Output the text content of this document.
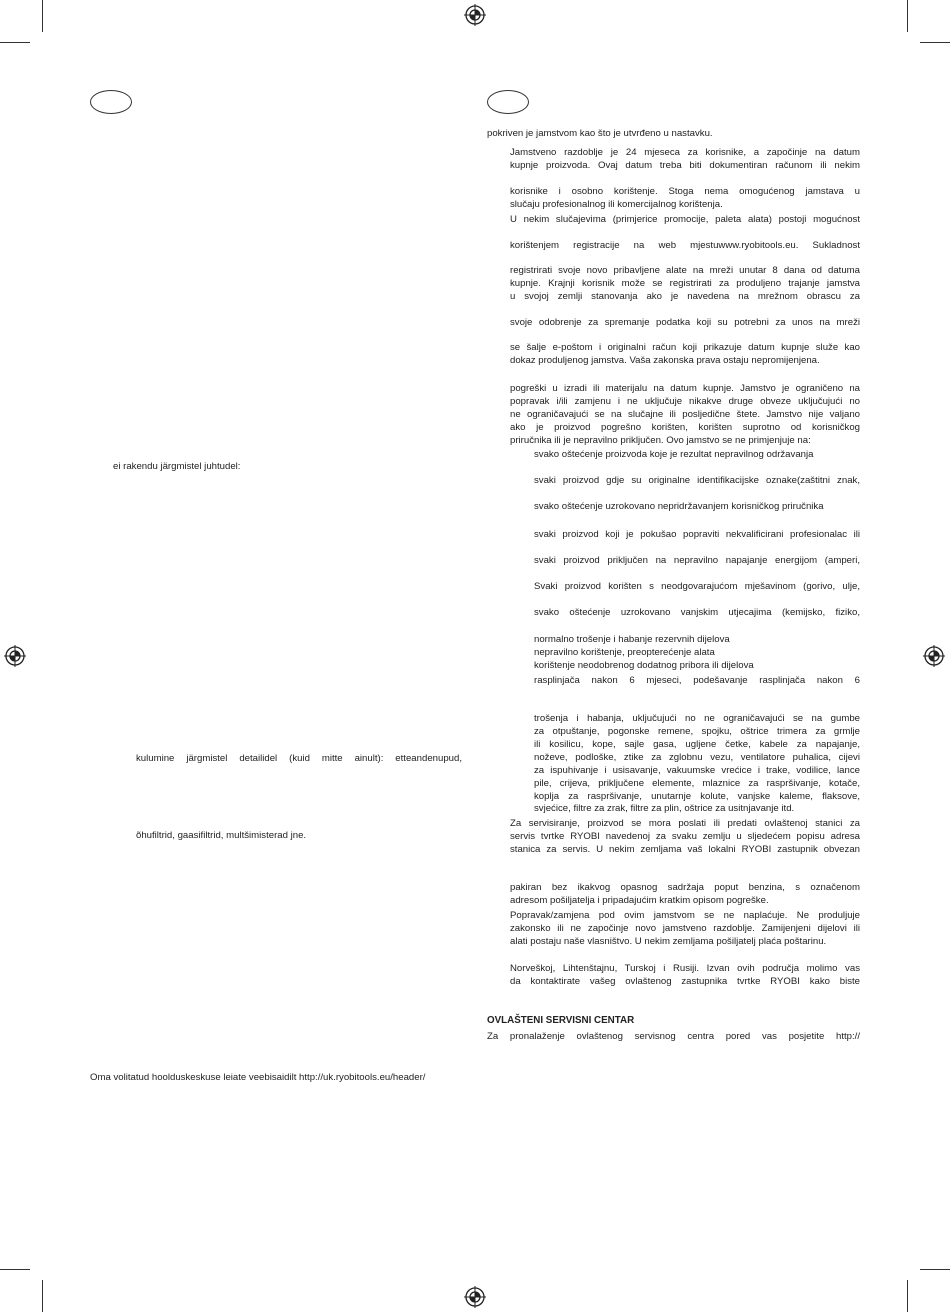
ei rakendu järgmistel juhtudel:
kulumine järgmistel detailidel (kuid mitte ainult): etteandenupud,
õhufiltrid, gaasifiltrid, multšimisterad jne.
Oma volitatud hoolduskeskuse leiate veebisaidilt http://uk.ryobitools.eu/header/
pokriven je jamstvom kao što je utvrđeno u nastavku.
Jamstveno razdoblje je 24 mjeseca za korisnike, a započinje na datum
kupnje proizvoda. Ovaj datum treba biti dokumentiran računom ili nekim
korisnike i osobno korištenje. Stoga nema omogućenog jamstava u
slučaju profesionalnog ili komercijalnog korištenja.
U nekim slučajevima (primjerice promocije, paleta alata) postoji mogućnost
korištenjem registracije na web mjestuwww.ryobitools.eu. Sukladnost
registrirati svoje novo pribavljene alate na mreži unutar 8 dana od datuma
kupnje. Krajnji korisnik može se registrirati za produljeno trajanje jamstva
u svojoj zemlji stanovanja ako je navedena na mrežnom obrascu za
svoje odobrenje za spremanje podatka koji su potrebni za unos na mreži
se šalje e-poštom i originalni račun koji prikazuje datum kupnje služe kao
dokaz produljenog jamstva. Vaša zakonska prava ostaju nepromijenjena.
pogreški u izradi ili materijalu na datum kupnje. Jamstvo je ograničeno na
popravak i/ili zamjenu i ne uključuje nikakve druge obveze uključujući no
ne ograničavajući se na slučajne ili posljedične štete. Jamstvo nije valjano
ako je proizvod pogrešno korišten, korišten suprotno od korisničkog
priručnika ili je nepravilno priključen. Ovo jamstvo se ne primjenjuje na:
svako oštećenje proizvoda koje je rezultat nepravilnog održavanja
svaki proizvod gdje su originalne identifikacijske oznake(zaštitni znak,
svako oštećenje uzrokovano nepridržavanjem korisničkog priručnika
svaki proizvod koji je pokušao popraviti nekvalificirani profesionalac ili
svaki proizvod priključen na nepravilno napajanje energijom (amperi,
Svaki proizvod korišten s neodgovarajućom mješavinom (gorivo, ulje,
svako oštećenje uzrokovano vanjskim utjecajima (kemijsko, fiziko,
normalno trošenje i habanje rezervnih dijelova
nepravilno korištenje, preopterećenje alata
korištenje neodobrenog dodatnog pribora ili dijelova
rasplinjača nakon 6 mjeseci, podešavanje rasplinjača nakon 6
trošenja i habanja, uključujući no ne ograničavajući se na gumbe
za otpuštanje, pogonske remene, spojku, oštrice trimera za grmlje
ili kosilicu, kope, sajle gasa, ugljene četke, kabele za napajanje,
noževe, podloške, ztike za zglobnu vezu, ventilatore puhalica, cijevi
za ispuhivanje i usisavanje, vakuumske vrećice i trake, vodilice, lance
pile, crijeva, priključene elemente, mlaznice za raspršivanje, kotače,
koplja za raspršivanje, unutarnje kolute, vanjske kaleme, flaksove,
svjećice, filtre za zrak, filtre za plin, oštrice za usitnjavanje itd.
Za servisiranje, proizvod se mora poslati ili predati ovlaštenoj stanici za
servis tvrtke RYOBI navedenoj za svaku zemlju u sljedećem popisu adresa
stanica za servis. U nekim zemljama vaš lokalni RYOBI zastupnik obvezan
pakiran bez ikakvog opasnog sadržaja poput benzina, s označenom
adresom pošiljatelja i pripadajućim kratkim opisom pogreške.
Popravak/zamjena pod ovim jamstvom se ne naplaćuje. Ne produljuje
zakonsko ili ne započinje novo jamstveno razdoblje. Zamijenjeni dijelovi ili
alati postaju naše vlasništvo. U nekim zemljama pošiljatelj plaća poštarinu.
Norveškoj, Lihtenštajnu, Turskoj i Rusiji. Izvan ovih područja molimo vas
da kontaktirate vašeg ovlaštenog zastupnika tvrtke RYOBI kako biste
OVLAŠTENI SERVISNI CENTAR
Za pronalaženje ovlaštenog servisnog centra pored vas posjetite http://
